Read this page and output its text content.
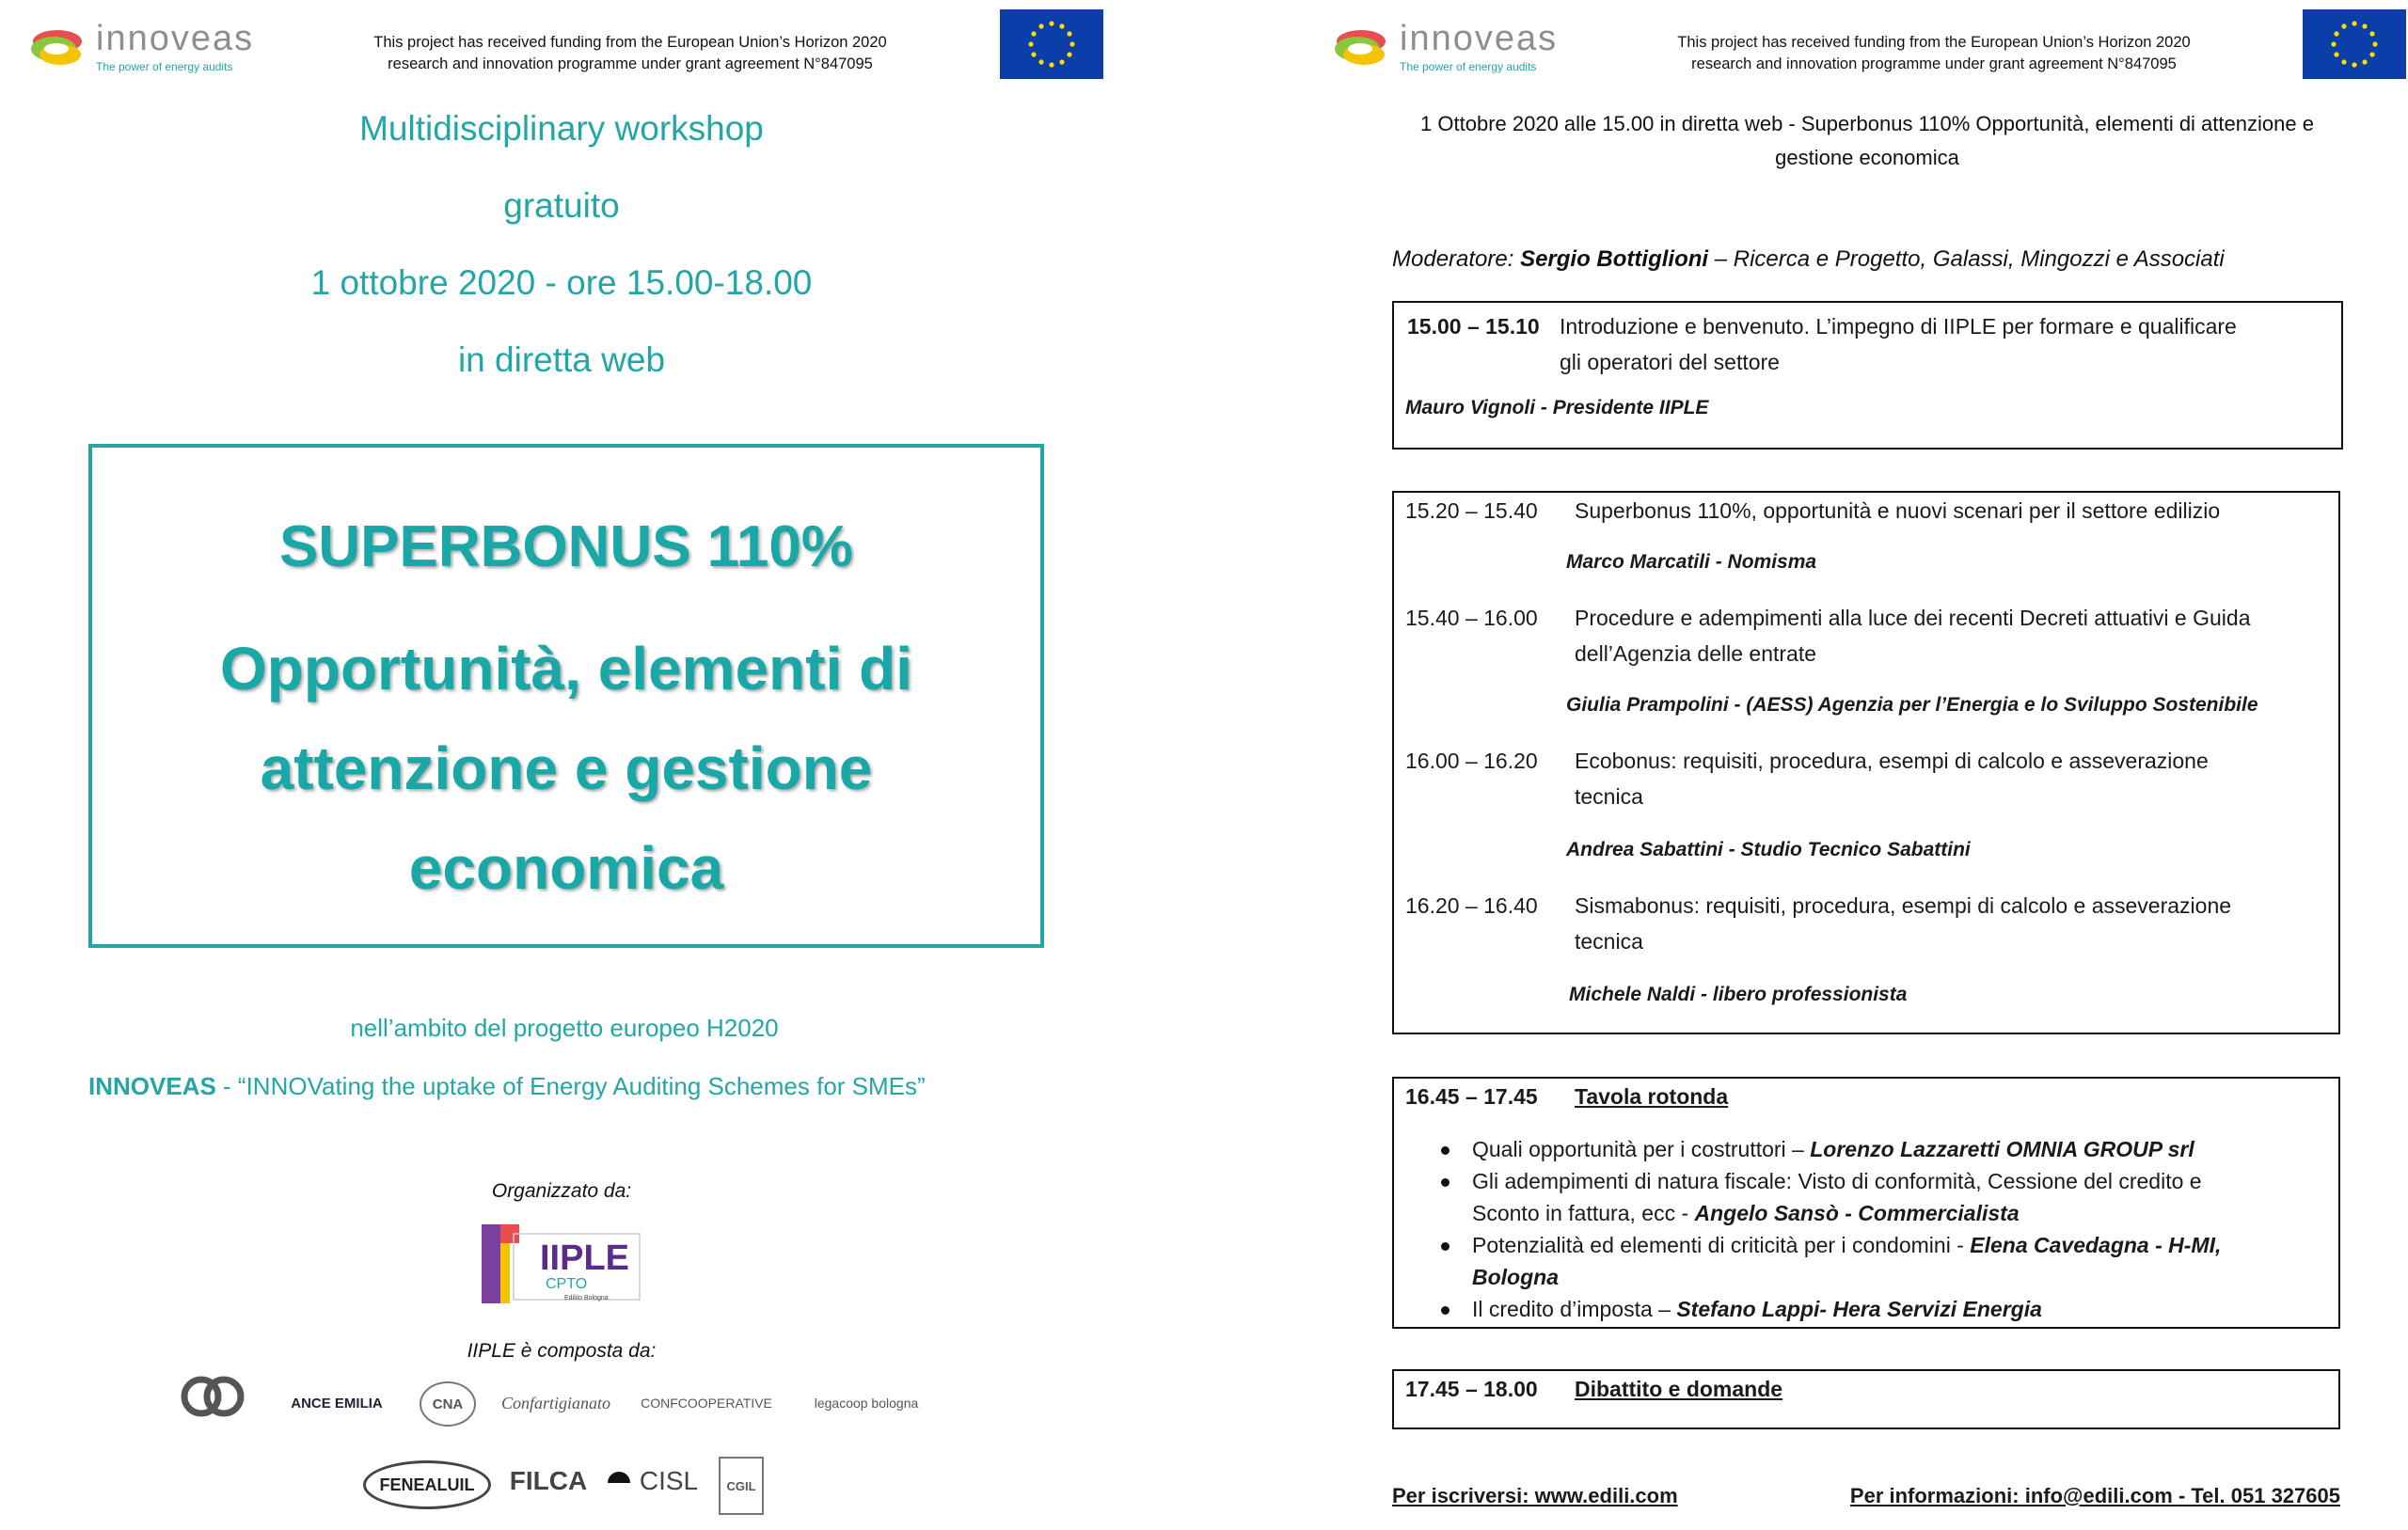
innoveas
The power of energy audits
This project has received funding from the European Union’s Horizon 2020
research and innovation programme under grant agreement N°847095
Multidisciplinary workshop
gratuito
1 ottobre 2020 - ore 15.00-18.00
in diretta web
SUPERBONUS 110%
Opportunità, elementi di
attenzione e gestione
economica
nell’ambito del progetto europeo H2020
INNOVEAS - “INNOVating the uptake of Energy Auditing Schemes for SMEs”
Organizzato da:
IIPLE
CPTO
EdiliIo Bologna
IIPLE è composta da:
ANCE EMILIA	CNA	Confartigianato	CONFCOOPERATIVE	legacoop bologna
FENEALUIL	FILCA CISL	CGIL
innoveas
The power of energy audits
This project has received funding from the European Union’s Horizon 2020
research and innovation programme under grant agreement N°847095
1 Ottobre 2020 alle 15.00 in diretta web - Superbonus 110% Opportunità, elementi di attenzione e
gestione economica
Moderatore: Sergio Bottiglioni – Ricerca e Progetto, Galassi, Mingozzi e Associati
15.00 – 15.10 Introduzione e benvenuto. L’impegno di IIPLE per formare e qualificare
gli operatori del settore
Mauro Vignoli - Presidente IIPLE
15.20 – 15.40 Superbonus 110%, opportunità e nuovi scenari per il settore edilizio
Marco Marcatili - Nomisma
15.40 – 16.00 Procedure e adempimenti alla luce dei recenti Decreti attuativi e Guida
dell’Agenzia delle entrate
Giulia Prampolini - (AESS) Agenzia per l’Energia e lo Sviluppo Sostenibile
16.00 – 16.20 Ecobonus: requisiti, procedura, esempi di calcolo e asseverazione
tecnica
Andrea Sabattini - Studio Tecnico Sabattini
16.20 – 16.40 Sismabonus: requisiti, procedura, esempi di calcolo e asseverazione
tecnica
Michele Naldi - libero professionista
16.45 – 17.45 Tavola rotonda
Quali opportunità per i costruttori – Lorenzo Lazzaretti OMNIA GROUP srl
Gli adempimenti di natura fiscale: Visto di conformità, Cessione del credito e
Sconto in fattura, ecc - Angelo Sansò - Commercialista
Potenzialità ed elementi di criticità per i condomini - Elena Cavedagna - H-MI,
Bologna
Il credito d’imposta – Stefano Lappi- Hera Servizi Energia
17.45 – 18.00 Dibattito e domande
Per iscriversi: www.edili.com	Per informazioni: info@edili.com - Tel. 051 327605
